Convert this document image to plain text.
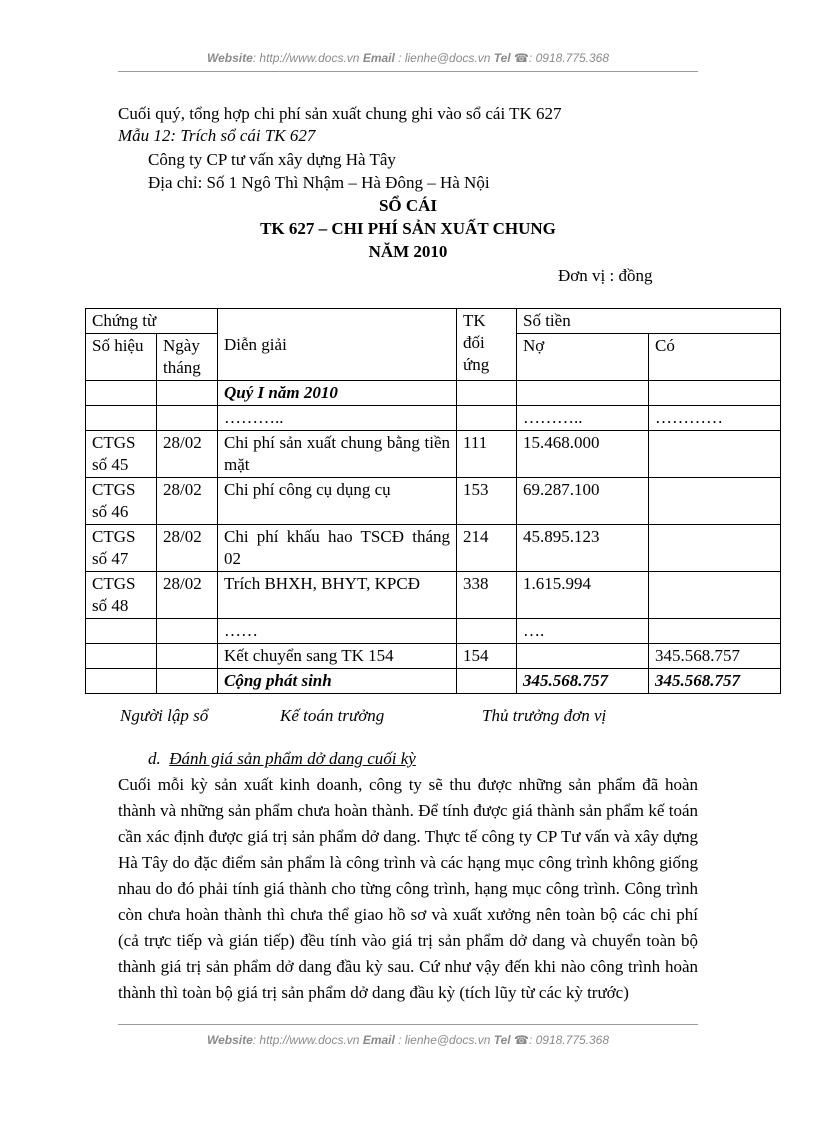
Website: http://www.docs.vn Email : lienhe@docs.vn Tel ☎: 0918.775.368
Cuối quý, tổng hợp chi phí sản xuất chung ghi vào sổ cái TK 627
Mẫu 12: Trích sổ cái TK 627
Công ty CP tư vấn xây dựng Hà Tây
Địa chỉ: Số 1 Ngô Thì Nhậm – Hà Đông – Hà Nội
SỔ CÁI
TK 627 – CHI PHÍ SẢN XUẤT CHUNG
NĂM 2010
Đơn vị : đồng
Chứng từ		Diễn giải	TK đối ứng	Số tiền	
Số hiệu	Ngày tháng			Nợ	Có
		Quý I năm 2010			
		………..		………..	…………
CTGS số 45	28/02	Chi phí sản xuất chung bằng tiền mặt	111	15.468.000	
CTGS số 46	28/02	Chi phí công cụ dụng cụ	153	69.287.100	
CTGS số 47	28/02	Chi phí khấu hao TSCĐ tháng 02	214	45.895.123	
CTGS số 48	28/02	Trích BHXH, BHYT, KPCĐ	338	1.615.994	
		……		….	
		Kết chuyển sang TK 154	154		345.568.757
		Cộng phát sinh		345.568.757	345.568.757
Người lập sổ	Kế toán trưởng	Thủ trưởng đơn vị
d. Đánh giá sản phẩm dở dang cuối kỳ
Cuối mỗi kỳ sản xuất kinh doanh, công ty sẽ thu được những sản phẩm đã hoàn thành và những sản phẩm chưa hoàn thành. Để tính được giá thành sản phẩm kế toán cần xác định được giá trị sản phẩm dở dang. Thực tế công ty CP Tư vấn và xây dựng Hà Tây do đặc điểm sản phẩm là công trình và các hạng mục công trình không giống nhau do đó phải tính giá thành cho từng công trình, hạng mục công trình. Công trình còn chưa hoàn thành thì chưa thể giao hồ sơ và xuất xưởng nên toàn bộ các chi phí (cả trực tiếp và gián tiếp) đều tính vào giá trị sản phẩm dở dang và chuyển toàn bộ thành giá trị sản phẩm dở dang đầu kỳ sau. Cứ như vậy đến khi nào công trình hoàn thành thì toàn bộ giá trị sản phẩm dở dang đầu kỳ (tích lũy từ các kỳ trước)
Website: http://www.docs.vn Email : lienhe@docs.vn Tel ☎: 0918.775.368
